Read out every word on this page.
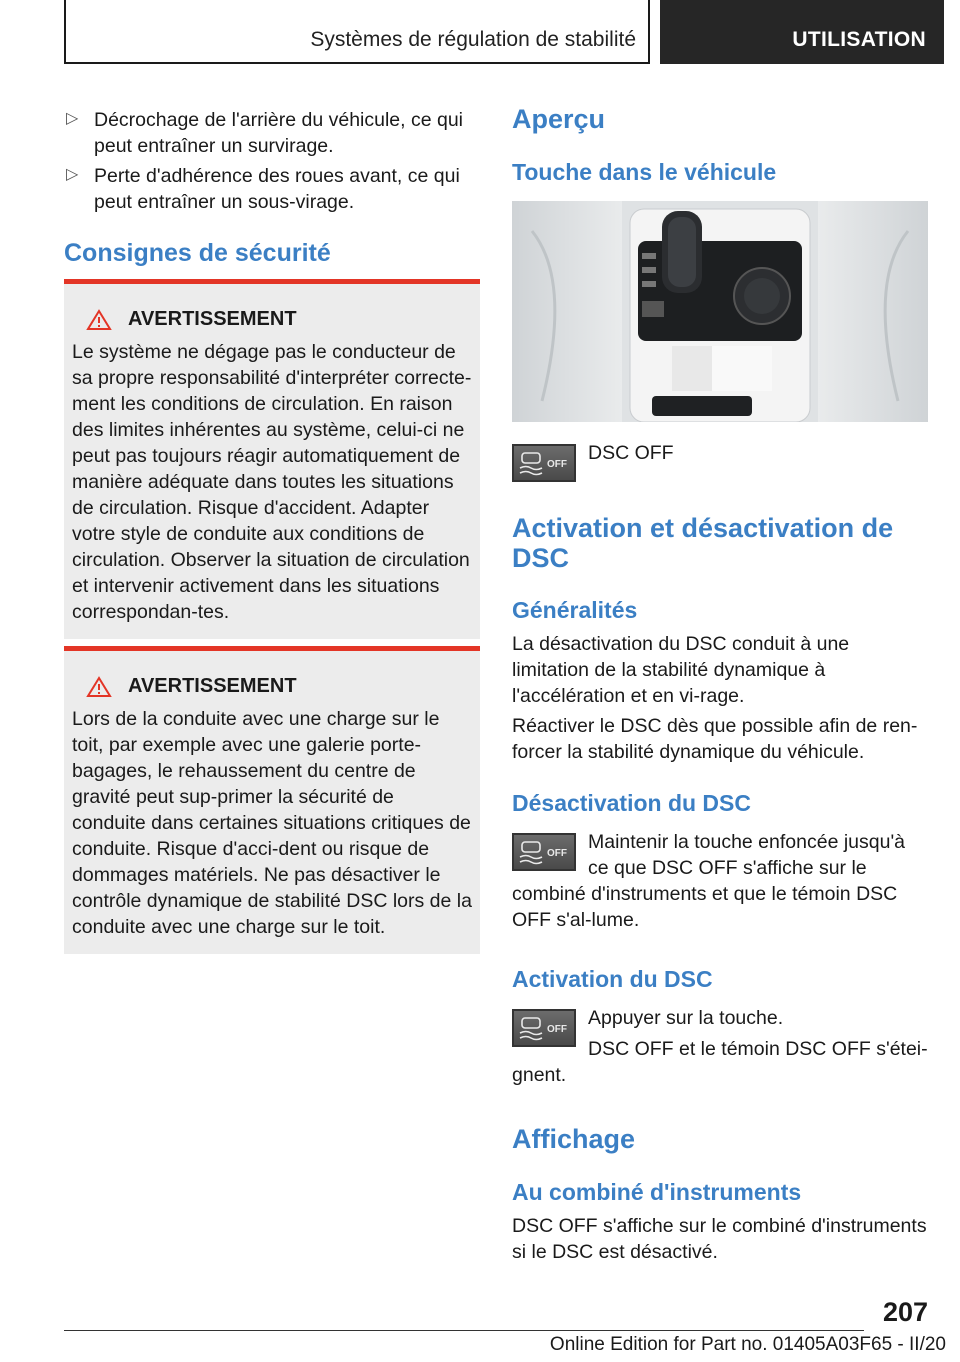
Systèmes de régulation de stabilité	UTILISATION
▷ Décrochage de l'arrière du véhicule, ce qui peut entraîner un survirage.
▷ Perte d'adhérence des roues avant, ce qui peut entraîner un sous-virage.
Consignes de sécurité
AVERTISSEMENT
Le système ne dégage pas le conducteur de sa propre responsabilité d'interpréter correcte-ment les conditions de circulation. En raison des limites inhérentes au système, celui-ci ne peut pas toujours réagir automatiquement de manière adéquate dans toutes les situations de circulation. Risque d'accident. Adapter votre style de conduite aux conditions de circulation. Observer la situation de circulation et intervenir activement dans les situations correspondan-tes.
AVERTISSEMENT
Lors de la conduite avec une charge sur le toit, par exemple avec une galerie porte-bagages, le rehaussement du centre de gravité peut sup-primer la sécurité de conduite dans certaines situations critiques de conduite. Risque d'acci-dent ou risque de dommages matériels. Ne pas désactiver le contrôle dynamique de stabilité DSC lors de la conduite avec une charge sur le toit.
Aperçu
Touche dans le véhicule
OFF
DSC OFF
Activation et désactivation de DSC
Généralités
La désactivation du DSC conduit à une limitation de la stabilité dynamique à l'accélération et en vi-rage.
Réactiver le DSC dès que possible afin de ren-forcer la stabilité dynamique du véhicule.
Désactivation du DSC
OFF
Maintenir la touche enfoncée jusqu'à ce que DSC OFF s'affiche sur le combiné d'instruments et que le témoin DSC OFF s'al-lume.
Activation du DSC
OFF
Appuyer sur la touche.
DSC OFF et le témoin DSC OFF s'étei-gnent.
Affichage
Au combiné d'instruments
DSC OFF s'affiche sur le combiné d'instruments si le DSC est désactivé.
207
Online Edition for Part no. 01405A03F65 - II/20
